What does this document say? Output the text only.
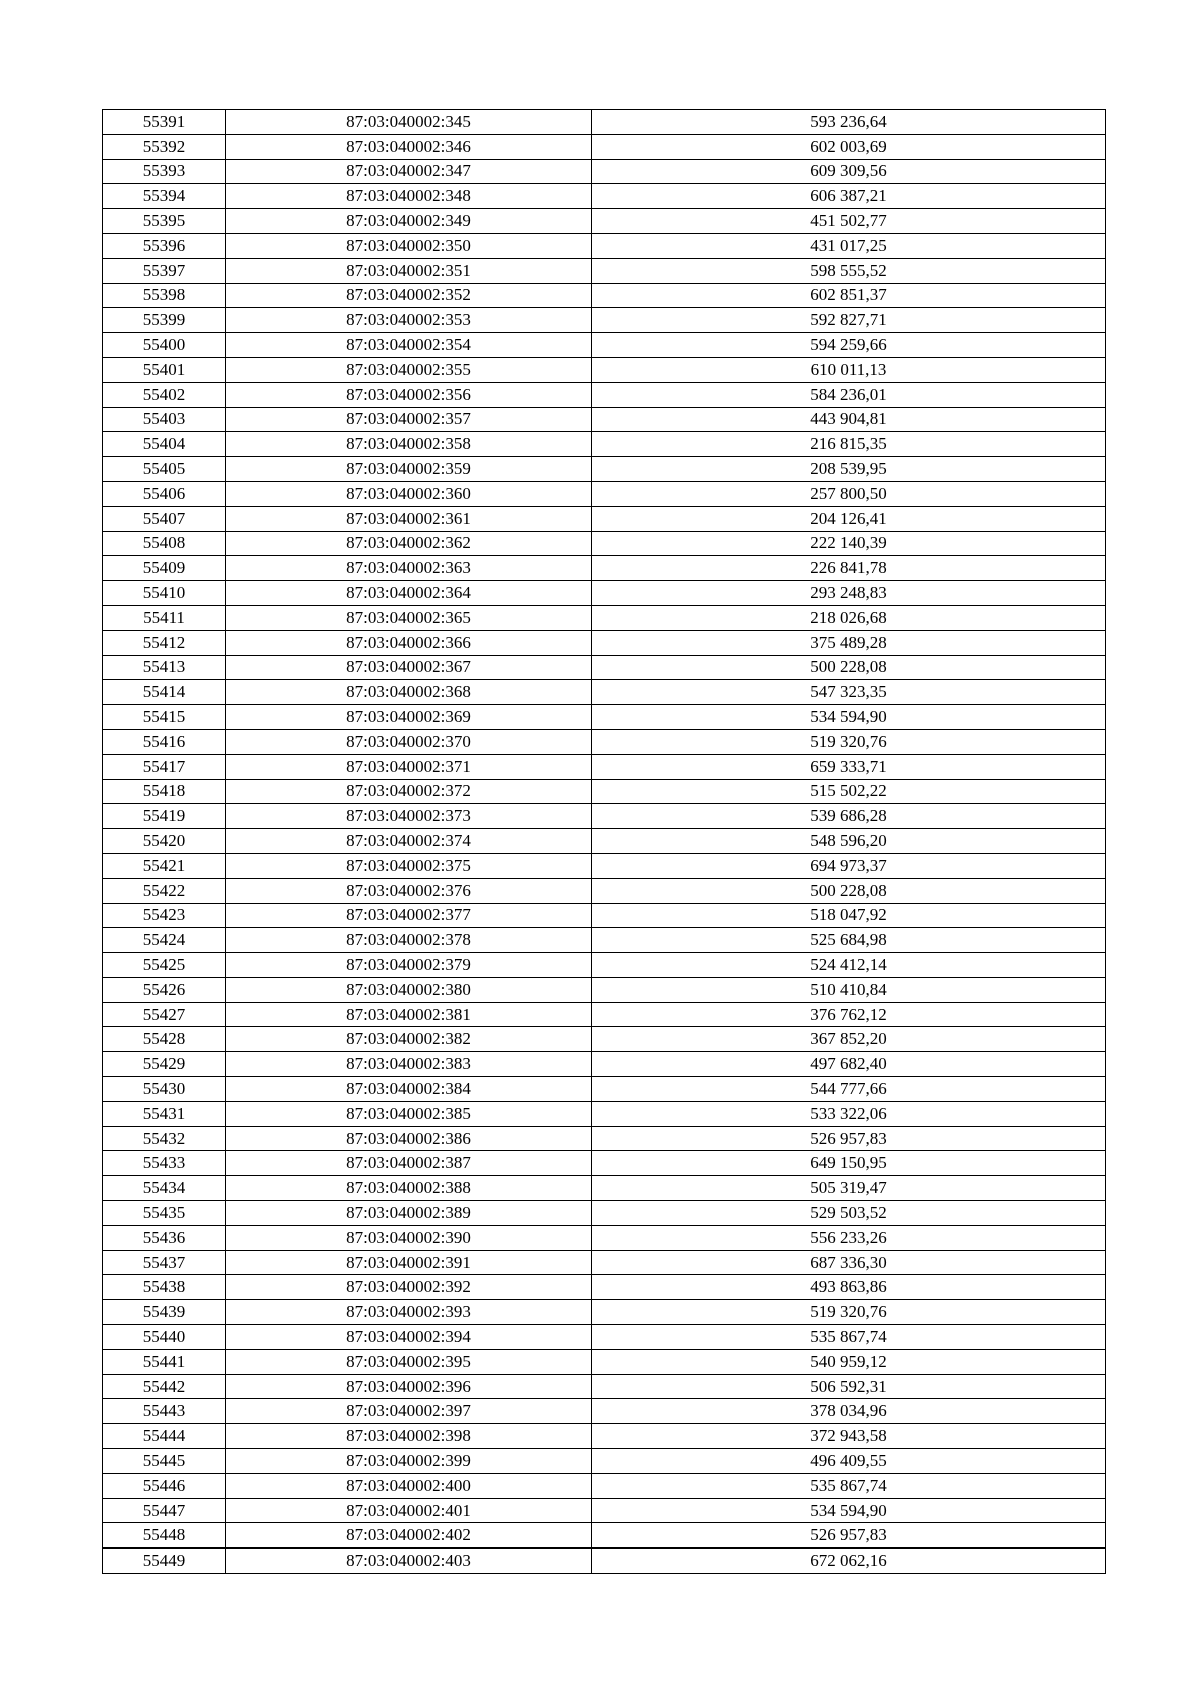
55391	87:03:040002:345	593 236,64
55392	87:03:040002:346	602 003,69
55393	87:03:040002:347	609 309,56
55394	87:03:040002:348	606 387,21
55395	87:03:040002:349	451 502,77
55396	87:03:040002:350	431 017,25
55397	87:03:040002:351	598 555,52
55398	87:03:040002:352	602 851,37
55399	87:03:040002:353	592 827,71
55400	87:03:040002:354	594 259,66
55401	87:03:040002:355	610 011,13
55402	87:03:040002:356	584 236,01
55403	87:03:040002:357	443 904,81
55404	87:03:040002:358	216 815,35
55405	87:03:040002:359	208 539,95
55406	87:03:040002:360	257 800,50
55407	87:03:040002:361	204 126,41
55408	87:03:040002:362	222 140,39
55409	87:03:040002:363	226 841,78
55410	87:03:040002:364	293 248,83
55411	87:03:040002:365	218 026,68
55412	87:03:040002:366	375 489,28
55413	87:03:040002:367	500 228,08
55414	87:03:040002:368	547 323,35
55415	87:03:040002:369	534 594,90
55416	87:03:040002:370	519 320,76
55417	87:03:040002:371	659 333,71
55418	87:03:040002:372	515 502,22
55419	87:03:040002:373	539 686,28
55420	87:03:040002:374	548 596,20
55421	87:03:040002:375	694 973,37
55422	87:03:040002:376	500 228,08
55423	87:03:040002:377	518 047,92
55424	87:03:040002:378	525 684,98
55425	87:03:040002:379	524 412,14
55426	87:03:040002:380	510 410,84
55427	87:03:040002:381	376 762,12
55428	87:03:040002:382	367 852,20
55429	87:03:040002:383	497 682,40
55430	87:03:040002:384	544 777,66
55431	87:03:040002:385	533 322,06
55432	87:03:040002:386	526 957,83
55433	87:03:040002:387	649 150,95
55434	87:03:040002:388	505 319,47
55435	87:03:040002:389	529 503,52
55436	87:03:040002:390	556 233,26
55437	87:03:040002:391	687 336,30
55438	87:03:040002:392	493 863,86
55439	87:03:040002:393	519 320,76
55440	87:03:040002:394	535 867,74
55441	87:03:040002:395	540 959,12
55442	87:03:040002:396	506 592,31
55443	87:03:040002:397	378 034,96
55444	87:03:040002:398	372 943,58
55445	87:03:040002:399	496 409,55
55446	87:03:040002:400	535 867,74
55447	87:03:040002:401	534 594,90
55448	87:03:040002:402	526 957,83
55449	87:03:040002:403	672 062,16
